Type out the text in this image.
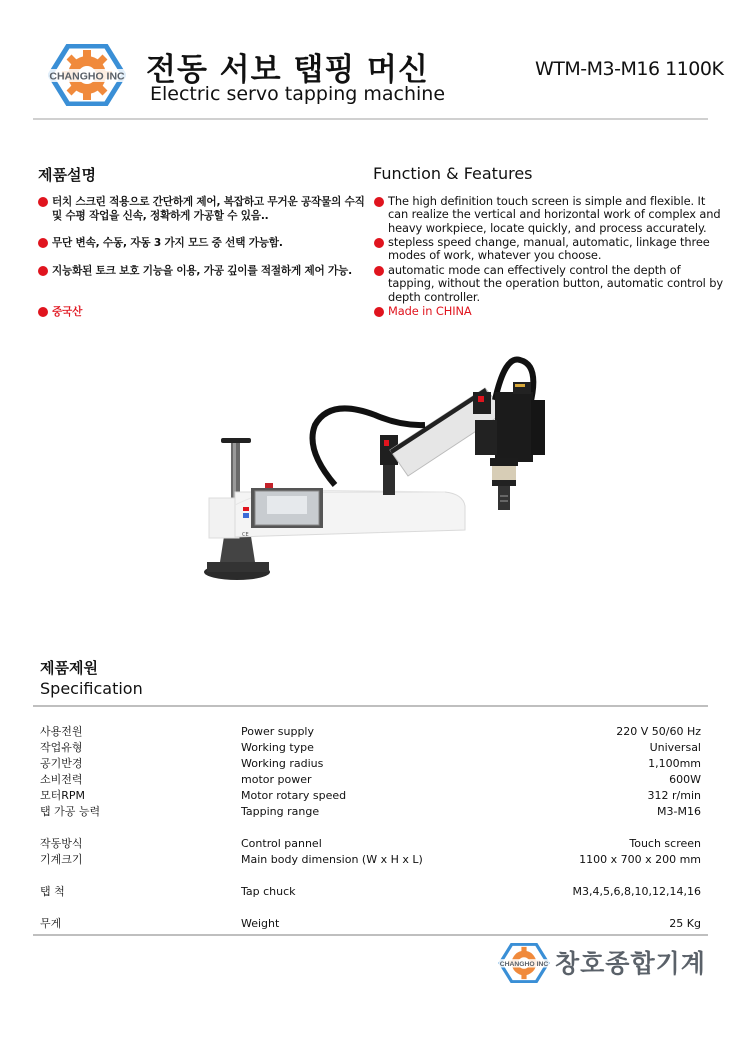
CHANGHO INC 전동 서보 탭핑 머신
Electric servo tapping machine
WTM-M3-M16 1100K
제품설명	Function & Features
터치 스크린 적용으로 간단하게 제어, 복잡하고 무거운 공작물의 수직 및 수평 작업을 신속, 정확하게 가공할 수 있음..
무단 변속, 수동, 자동 3 가지 모드 중 선택 가능함.
지능화된 토크 보호 기능을 이용, 가공 깊이를 적절하게 제어 가능.
중국산
The high definition touch screen is simple and flexible. It can realize the vertical and horizontal work of complex and heavy workpiece, locate quickly, and process accurately.
stepless speed change, manual, automatic, linkage three modes of work, whatever you choose.
automatic mode can effectively control the depth of tapping, without the operation button, automatic control by depth controller.
Made in CHINA
CE
제품제원
Specification
사용전원	Power supply	220 V 50/60 Hz
작업유형	Working type	Universal
공기반경	Working radius	1,100mm
소비전력	motor power	600W
모터RPM	Motor rotary speed	312 r/min
탭 가공 능력	Tapping range	M3-M16
작동방식	Control pannel	Touch screen
기계크기	Main body dimension (W x H x L)	1100 x 700 x 200 mm
탭 척	Tap chuck	M3,4,5,6,8,10,12,14,16
무게	Weight	25 Kg
CHANGHO INC 창호종합기계
